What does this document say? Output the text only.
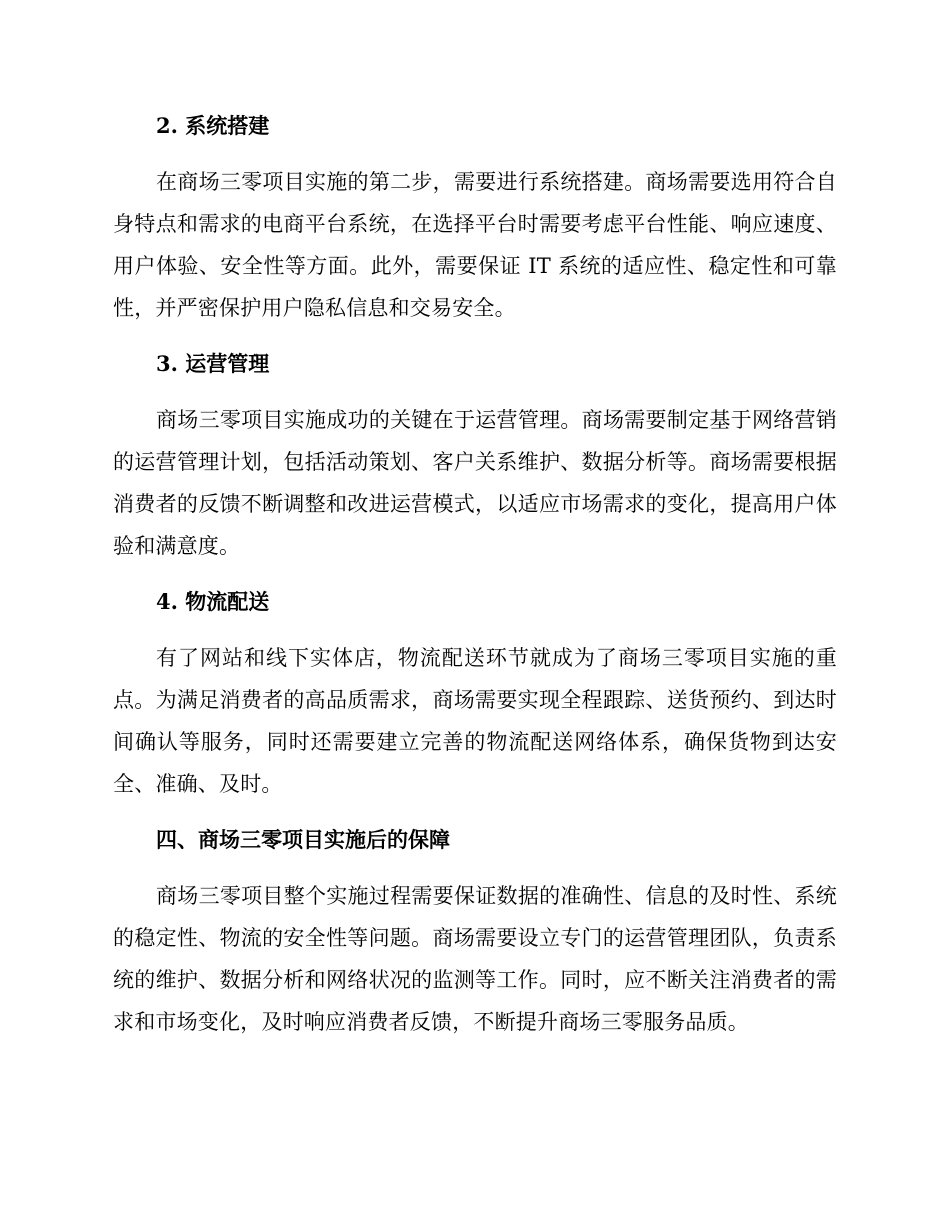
2. 系统搭建

在商场三零项目实施的第二步，需要进行系统搭建。商场需要选用符合自身特点和需求的电商平台系统，在选择平台时需要考虑平台性能、响应速度、用户体验、安全性等方面。此外，需要保证 IT 系统的适应性、稳定性和可靠性，并严密保护用户隐私信息和交易安全。

3. 运营管理

商场三零项目实施成功的关键在于运营管理。商场需要制定基于网络营销的运营管理计划，包括活动策划、客户关系维护、数据分析等。商场需要根据消费者的反馈不断调整和改进运营模式，以适应市场需求的变化，提高用户体验和满意度。

4. 物流配送

有了网站和线下实体店，物流配送环节就成为了商场三零项目实施的重点。为满足消费者的高品质需求，商场需要实现全程跟踪、送货预约、到达时间确认等服务，同时还需要建立完善的物流配送网络体系，确保货物到达安全、准确、及时。

四、商场三零项目实施后的保障

商场三零项目整个实施过程需要保证数据的准确性、信息的及时性、系统的稳定性、物流的安全性等问题。商场需要设立专门的运营管理团队，负责系统的维护、数据分析和网络状况的监测等工作。同时，应不断关注消费者的需求和市场变化，及时响应消费者反馈，不断提升商场三零服务品质。
